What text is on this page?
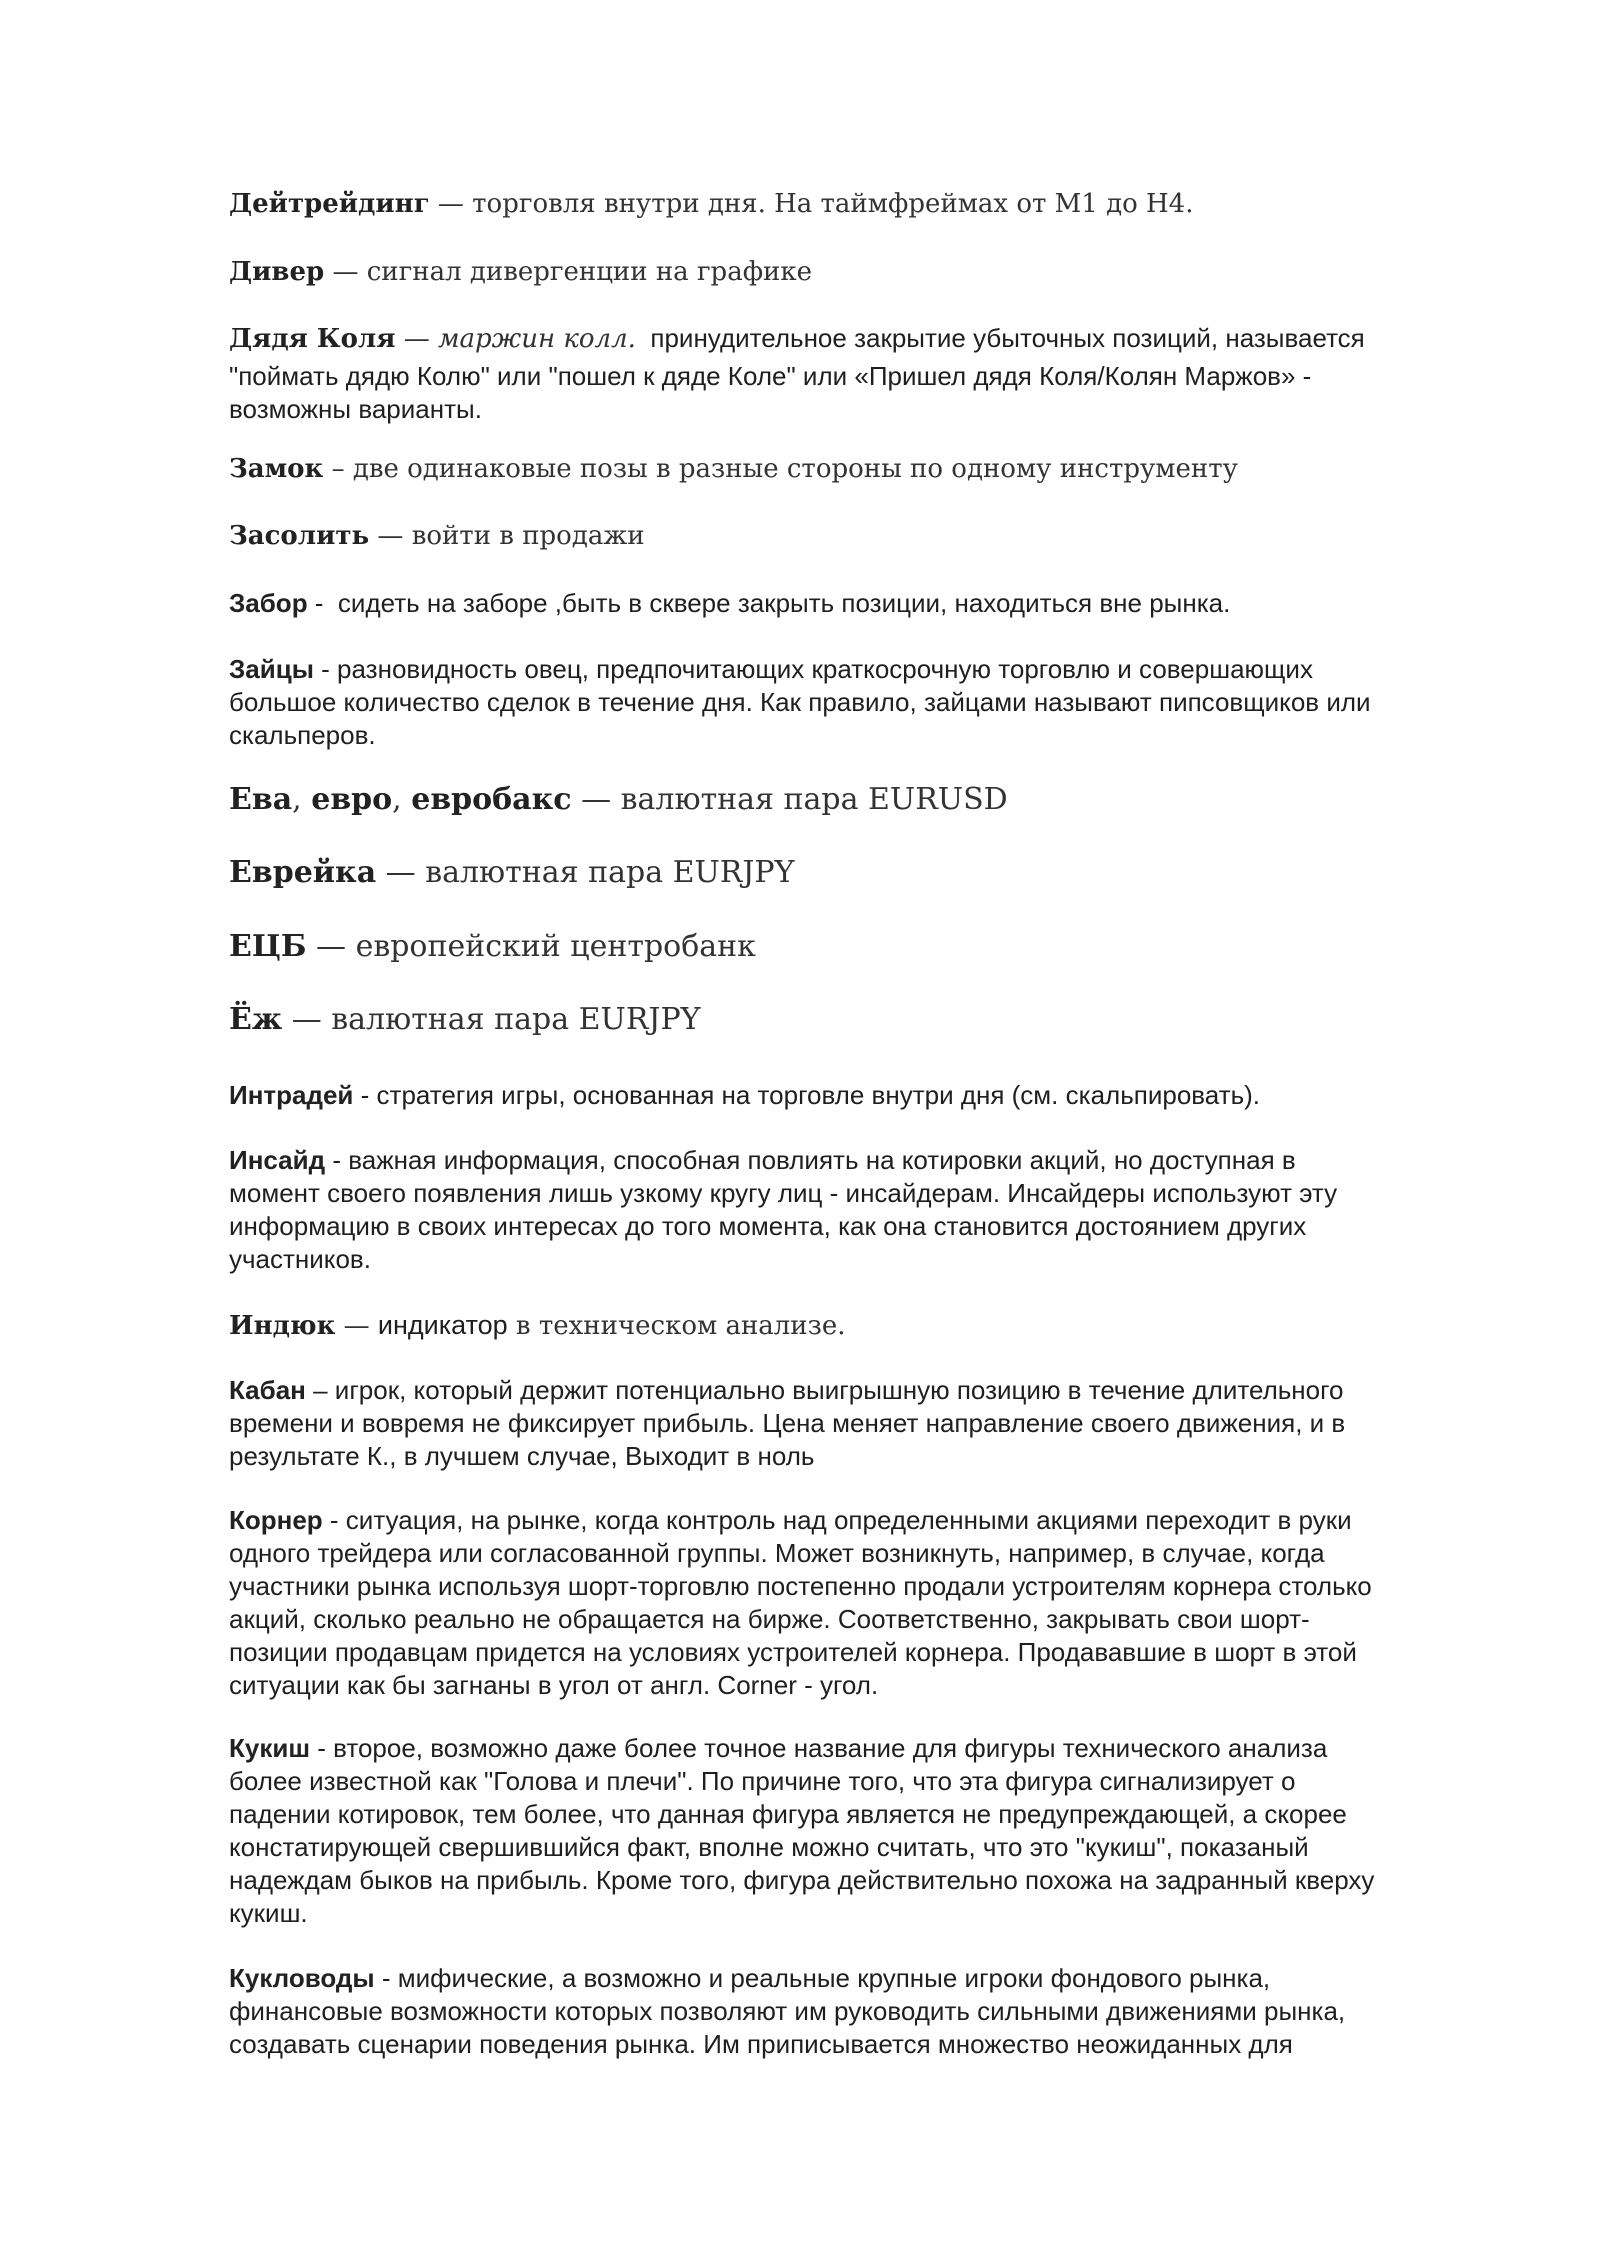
Дейтрейдинг — торговля внутри дня. На таймфреймах от М1 до Н4.
Дивер — сигнал дивергенции на графике
Дядя Коля — маржин колл.  принудительное закрытие убыточных позиций, называется
"поймать дядю Колю" или "пошел к дяде Коле" или «Пришел дядя Коля/Колян Маржов» -
возможны варианты.
Замок – две одинаковые позы в разные стороны по одному инструменту
Засолить — войти в продажи
Забор -  сидеть на заборе ,быть в сквере закрыть позиции, находиться вне рынка.
Зайцы - разновидность овец, предпочитающих краткосрочную торговлю и совершающих
большое количество сделок в течение дня. Как правило, зайцами называют пипсовщиков или
скальперов.
Ева, евро, евробакс — валютная пара EURUSD
Еврейка — валютная пара EURJPY
ЕЦБ — европейский центробанк
Ёж — валютная пара EURJPY
Интрадей - стратегия игры, основанная на торговле внутри дня (см. скальпировать).
Инсайд - важная информация, способная повлиять на котировки акций, но доступная в
момент своего появления лишь узкому кругу лиц - инсайдерам. Инсайдеры используют эту
информацию в своих интересах до того момента, как она становится достоянием других
участников.
Индюк — индикатор в техническом анализе.
Кабан – игрок, который держит потенциально выигрышную позицию в течение длительного
времени и вовремя не фиксирует прибыль. Цена меняет направление своего движения, и в
результате К., в лучшем случае, Выходит в ноль
Корнер - ситуация, на рынке, когда контроль над определенными акциями переходит в руки
одного трейдера или согласованной группы. Может возникнуть, например, в случае, когда
участники рынка используя шорт-торговлю постепенно продали устроителям корнера столько
акций, сколько реально не обращается на бирже. Соответственно, закрывать свои шорт-
позиции продавцам придется на условиях устроителей корнера. Продававшие в шорт в этой
ситуации как бы загнаны в угол от англ. Corner - угол.
Кукиш - второе, возможно даже более точное название для фигуры технического анализа
более известной как "Голова и плечи". По причине того, что эта фигура сигнализирует о
падении котировок, тем более, что данная фигура является не предупреждающей, а скорее
констатирующей свершившийся факт, вполне можно считать, что это "кукиш", показаный
надеждам быков на прибыль. Кроме того, фигура действительно похожа на задранный кверху
кукиш.
Кукловоды - мифические, а возможно и реальные крупные игроки фондового рынка,
финансовые возможности которых позволяют им руководить сильными движениями рынка,
создавать сценарии поведения рынка. Им приписывается множество неожиданных для
